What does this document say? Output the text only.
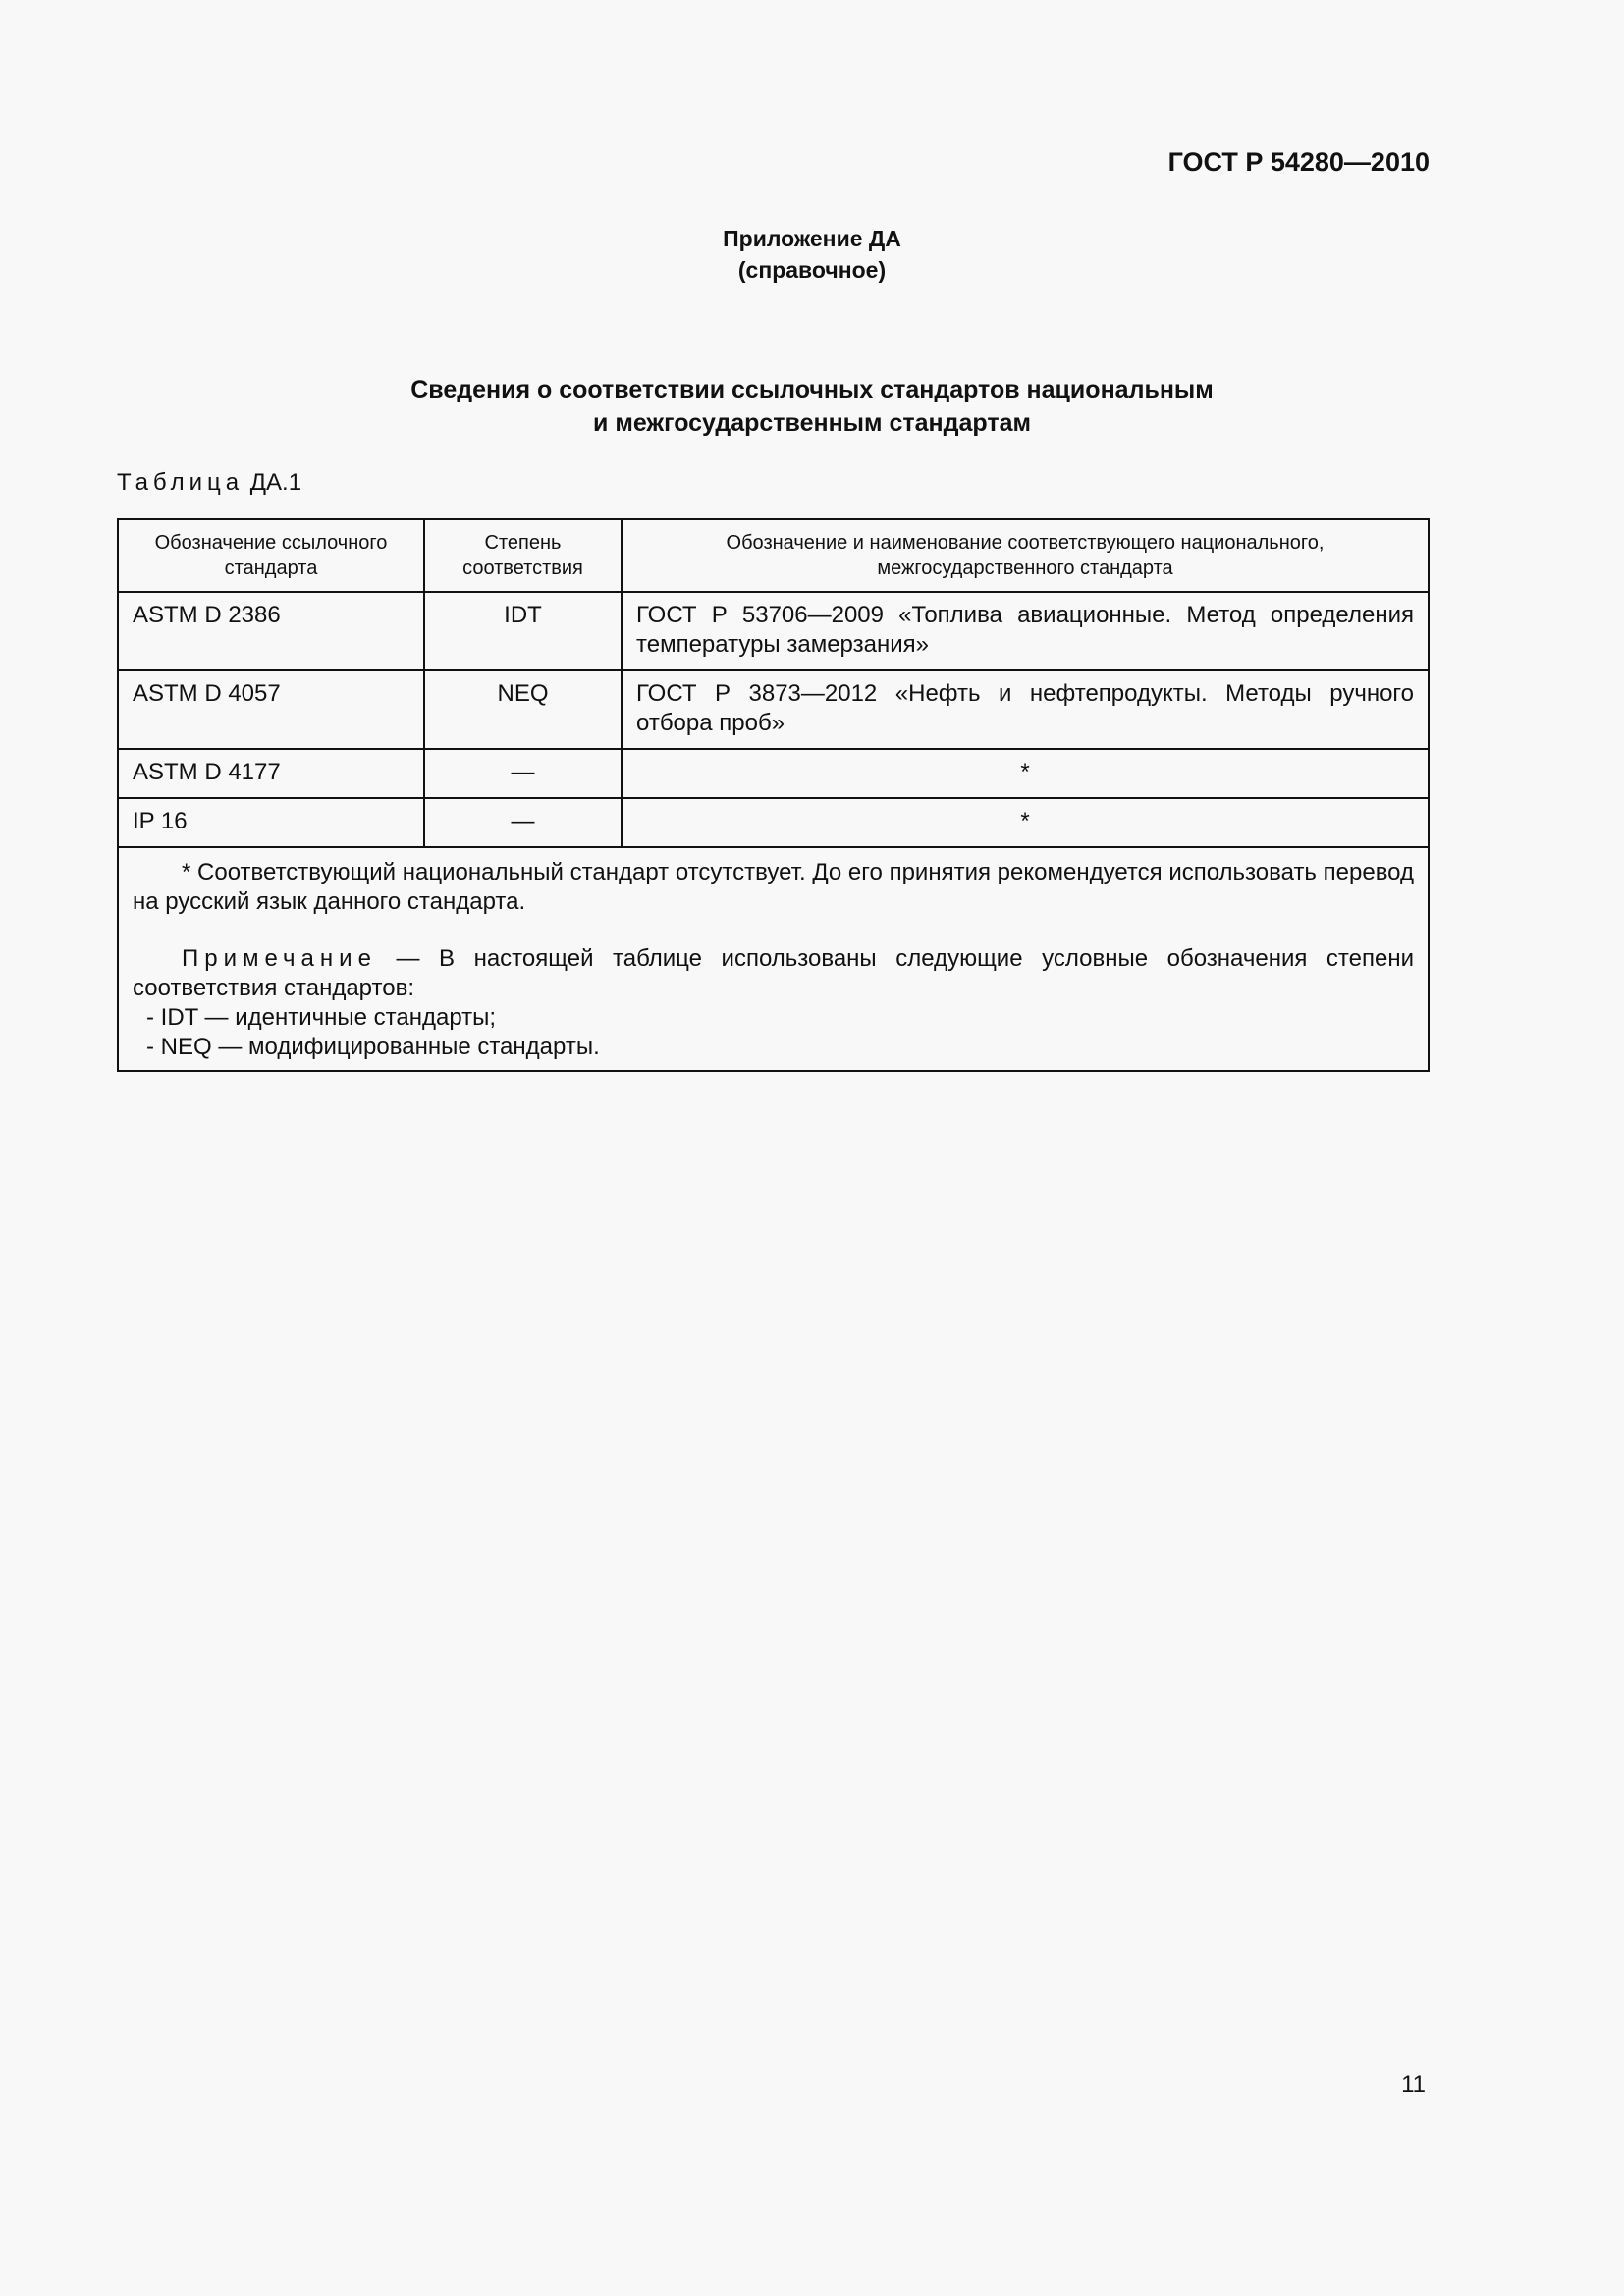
ГОСТ Р 54280—2010
Приложение ДА
(справочное)
Сведения о соответствии ссылочных стандартов национальным
и межгосударственным стандартам
Таблица ДА.1
Обозначение ссылочного стандарта	Степень соответствия	Обозначение и наименование соответствующего национального, межгосударственного стандарта
ASTM D 2386	IDT	ГОСТ Р 53706—2009 «Топлива авиационные. Метод определения температуры замерзания»
ASTM D 4057	NEQ	ГОСТ Р 3873—2012 «Нефть и нефтепродукты. Методы ручного отбора проб»
ASTM D 4177	—	*
IP 16	—	*

* Соответствующий национальный стандарт отсутствует. До его принятия рекомендуется использовать перевод на русский язык данного стандарта.
Примечание — В настоящей таблице использованы следующие условные обозначения степени соответствия стандартов:
- IDT — идентичные стандарты;
- NEQ — модифицированные стандарты.		
11
